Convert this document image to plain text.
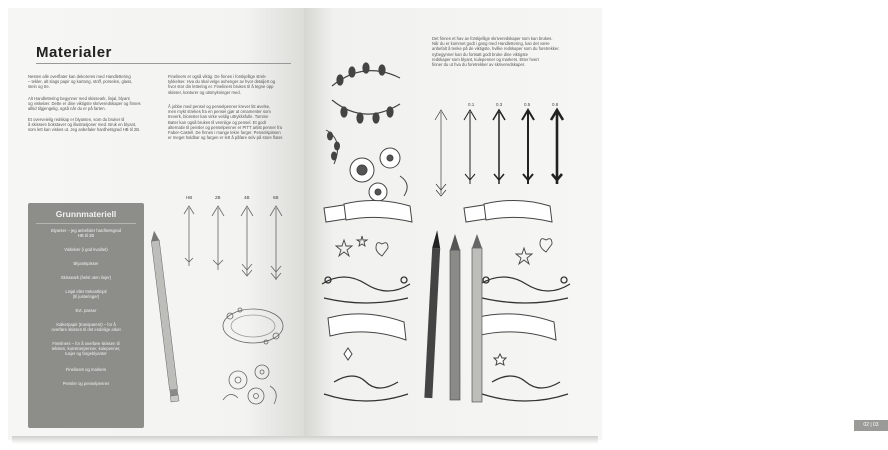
Materialer
Nesten alle overflater kan dekoreres med Handlettering
– tekler, alt slags papir og kartong, stoff, porselen, glass,
stein og tre.
Alt Handlettering begynner med skisseark, linjal, blyant
og viskelær. Dette er dine viktigste skriveredskaper og finnes
alltid tilgjengelig, også når du er på farten.
Et overveielig redskap er blyanten, som du bruker til
å skissere bokstaver og illustrasjoner med. Bruk en blyant,
som lett kan viskes ut. Jeg anbefaler hardhetsgrad HB til 2B.
Fineliners er også viktig. De finnes i forskjellige strek-
tykkelser. Hva du skal velge avhenger av hvor detaljert og
hvor stor din lettering er. Fineliners brukes til å tegne opp
skisser, konturer og utsmykninger med.
Å jobbe med pensel og penselpenner krever litt øvelse,
men mykt strekes fra en pensel gjør at ornamenter som
treverk, blomster kan virke veldig uttrykksfulle. Tomme
Bøter kan også brukes til vennlige og pensel. Et godt
alternativ til pensler og penselpenner er PITT artist penner fra
Faber-Castell. De finnes i mange lekre farger. Penselspissen
er meget holdbar og fargen er lett å påføre selv på store flater.
HB	2B	4B	6B
Grunnmateriell
Blyanter – jeg anbefaler hardhetsgrad
HB til 2B
Viskelær (i god kvalitet)
Blyantspisser
Skisseark (helst uten linjer)
Linjal eller trekantlinjal
(til justeringer)
Evt. passer
Kalkerpapir (transparent) – for å
overføre skissen til det endelige arket
Fineliners – for å overføre skissen til
teksten, kunstnerpenner, kulepenner,
tusjer og fargeblyanter
Fineliners og markers
Pensler og penselpenner
Det finnes et hav av forskjellige skriveredskaper som kan brukes.
Når du er kommet godt i gang med Handlettering, kan det være
anbefalt å tenke på de viktigste, hvilke redskaper som du foretrekker.
nybegynner kan du fortsatt godt bruke dine viktigste
redskaper som blyant, kulepenner og markers. Etter hvert
finner du ut hva du foretrekker av skriveredskaper.
0.1	0.3	0.5	0.8
02 | 03
